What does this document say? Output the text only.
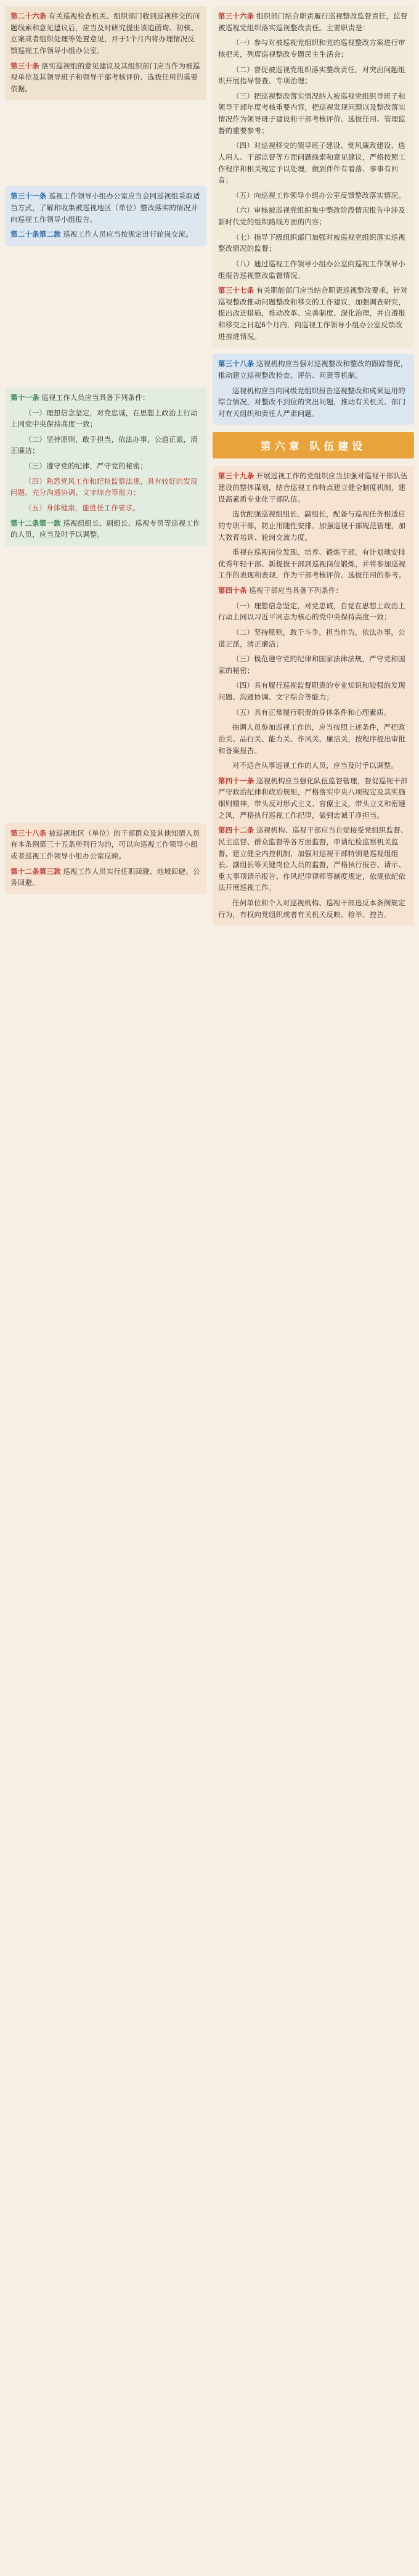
第二十六条 有关巡视检查机关、组织部门收到巡视移交的问题线索和意见建议后，应当及时研究提出该追函询、初核、立案或者组织处理等处置意见，并于1个月内将办理情况反馈巡视工作领导小组办公室。

第三十条 落实巡视组的意见建议及其组织部门应当作为被巡视单位及其领导班子和领导干部考核评价、选拔任用的重要依据。

第三十一条 巡视工作领导小组办公室应当会同巡视组采取适当方式，了解和收集被巡视地区（单位）整改落实的情况并向巡视工作领导小组报告。

第二十条第二款 巡视工作人员应当按规定进行轮岗交流。

第十一条 巡视工作人员应当具备下列条件：

（一）理想信念坚定，对党忠诚，在思想上政治上行动上同党中央保持高度一致；

（二）坚持原则，敢于担当，依法办事，公道正派，清正廉洁；

（三）遵守党的纪律，严守党的秘密；

（四）熟悉党风工作和纪检监察法规，具有较好的发现问题、充分沟通协调、文字综合等能力；

（五）身体健康，能胜任工作要求。

第十二条第一款 巡视组组长、副组长、巡视专员等巡视工作的人员，应当及时予以调整。

第三十八条 被巡视地区（单位）的干部群众及其他知情人员有本条例第三十五条所列行为的，可以向巡视工作领导小组或者巡视工作领导小组办公室反映。

第十二条第三款 巡视工作人员实行任职回避、地域回避、公务回避。

第三十六条 组织部门结合职责履行巡视整改监督责任，监督被巡视党组织落实巡视整改责任。主要职责是：

（一）参与对被巡视党组织和党的巡视整改方案进行审核把关，列席巡视整改专题民主生活会；

（二）督促被巡视党组织落实整改责任，对突出问题组织开展指导督查、专项治理；

（三）把巡视整改落实情况纳入被巡视党组织导班子和领导干部年度考核重要内容，把巡视发现问题以及整改落实情况作为领导班子建设和干部考核评价、选拔任用、管理监督的重要参考；

（四）对巡视移交的领导班子建设、党风廉政建设、选人用人、干部监督等方面问题线索和意见建议，严格按照工作程序和相关规定予以处理，做到件件有着落、事事有回音；

（五）向巡视工作领导小组办公室反馈整改落实情况。

（六）审核被巡视党组织集中整改阶段情况报告中涉及新时代党的组织路线方面的内容；

（七）指导下级组织部门加强对被巡视党组织落实巡视整改情况的监督；

（八）通过巡视工作领导小组办公室向巡视工作领导小组报告巡视整改监督情况。

第三十七条 有关职能部门应当结合职责巡视整改要求，针对巡视整改推动问题整改和移交的工作建议，加强调查研究，提出改进措施，推动改革、完善制度、深化治理，并自遵报和移交之日起6个月内，向巡视工作领导小组办公室反馈改进推进情况。

第三十八条 巡视机构应当强对巡视整改和整改的跟踪督促，推动建立巡视整改检查、评估、问责等机制。

巡视机构应当向同级党组织报告巡视整改和成果运用的综合情况，对整改不到位的突出问题，推动有关机关、部门对有关组织和责任人严肃问题。

第六章 队伍建设

第三十九条 开展巡视工作的党组织应当加强对巡视干部队伍建设的整体谋划，结合巡视工作特点建立健全制度机制，建设高素质专业化干部队伍。

选优配强巡视组组长、副组长，配备与巡视任务相适应的专职干部，防止用随性安排。加强巡视干部规范管理，加大教育培训、轮岗交流力度。

重视在巡视岗位发现、培养、锻炼干部，有计划地安排优秀年轻干部、新提拔干部到巡视岗位锻炼，并将参加巡视工作的表现和表现，作为干部考核评价、选拔任用的参考。

第四十条 巡视干部应当具备下列条件：

（一）理想信念坚定，对党忠诚，自觉在思想上政治上行动上同以习近平同志为核心的党中央保持高度一致；

（二）坚持原则，敢于斗争，担当作为，依法办事，公道正派，清正廉洁；

（三）模范遵守党的纪律和国家法律法规，严守党和国家的秘密；

（四）具有履行巡视监督职责的专业知识和较强的发现问题、沟通协调、文字综合等能力；

（五）具有正常履行职责的身体条件和心理素质。

抽调人员参加巡视工作的，应当按照上述条件，严把政治关、品行关、能力关、作风关、廉洁关，按程序提出审批和备案报告。

对不适合从事巡视工作的人员，应当及时予以调整。

第四十一条 巡视机构应当强化队伍监督管理，督促巡视干部严守政治纪律和政治规矩，严格落实中央八项规定及其实施细则精神，带头反对形式主义、官僚主义，带头立义和密遵之风，严格执行巡视工作纪律，做到忠诚干净担当。

第四十二条 巡视机构、巡视干部应当自觉接受党组织监督、民主监督、群众监督等各方面监督，申请纪检监察机关监督，建立健全内控机制，加强对巡视干部特别是巡视组组长、副组长等关键岗位人员的监督，严格执行报告、请示、重大事项请示报告、作风纪律律师等制度规定，依规依纪依法开展巡视工作。

任何单位和个人对巡视机构、巡视干部违反本条例规定行为，有权向党组织或者有关机关反映、检举、控告。
